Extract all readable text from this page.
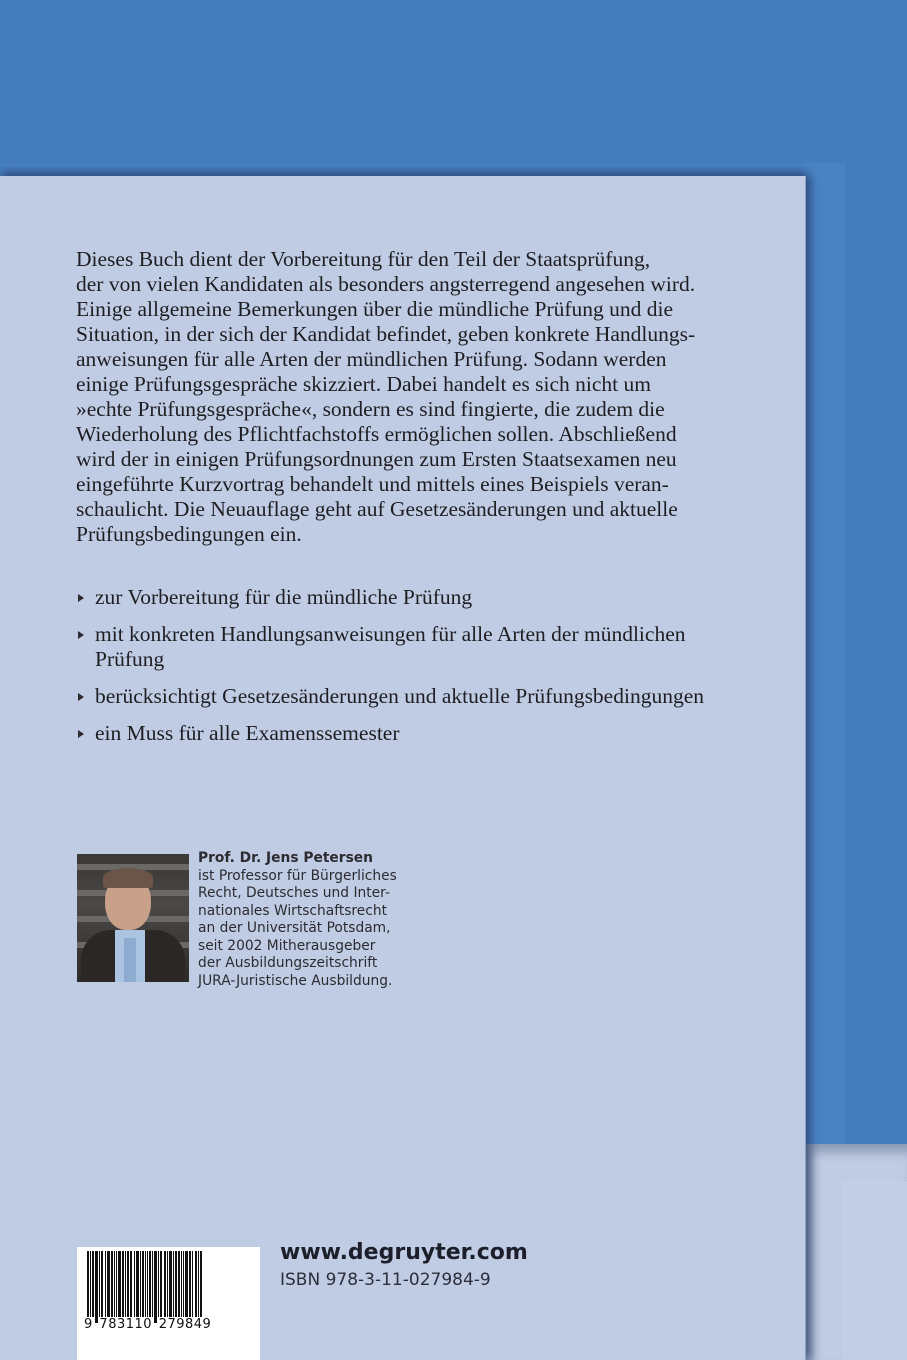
Dieses Buch dient der Vorbereitung für den Teil der Staatsprüfung,
der von vielen Kandidaten als besonders angsterregend angesehen wird.
Einige allgemeine Bemerkungen über die mündliche Prüfung und die
Situation, in der sich der Kandidat befindet, geben konkrete Handlungs-
anweisungen für alle Arten der mündlichen Prüfung. Sodann werden
einige Prüfungsgespräche skizziert. Dabei handelt es sich nicht um
»echte Prüfungsgespräche«, sondern es sind fingierte, die zudem die
Wiederholung des Pflichtfachstoffs ermöglichen sollen. Abschließend
wird der in einigen Prüfungsordnungen zum Ersten Staatsexamen neu
eingeführte Kurzvortrag behandelt und mittels eines Beispiels veran-
schaulicht. Die Neuauflage geht auf Gesetzesänderungen und aktuelle
Prüfungsbedingungen ein.

zur Vorbereitung für die mündliche Prüfung
mit konkreten Handlungsanweisungen für alle Arten der mündlichen Prüfung
berücksichtigt Gesetzesänderungen und aktuelle Prüfungsbedingungen
ein Muss für alle Examenssemester
Prof. Dr. Jens Petersen
ist Professor für Bürgerliches
Recht, Deutsches und Inter-
nationales Wirtschaftsrecht
an der Universität Potsdam,
seit 2002 Mitherausgeber
der Ausbildungszeitschrift
JURA-Juristische Ausbildung.
9 783110 279849
www.degruyter.com
ISBN 978-3-11-027984-9
